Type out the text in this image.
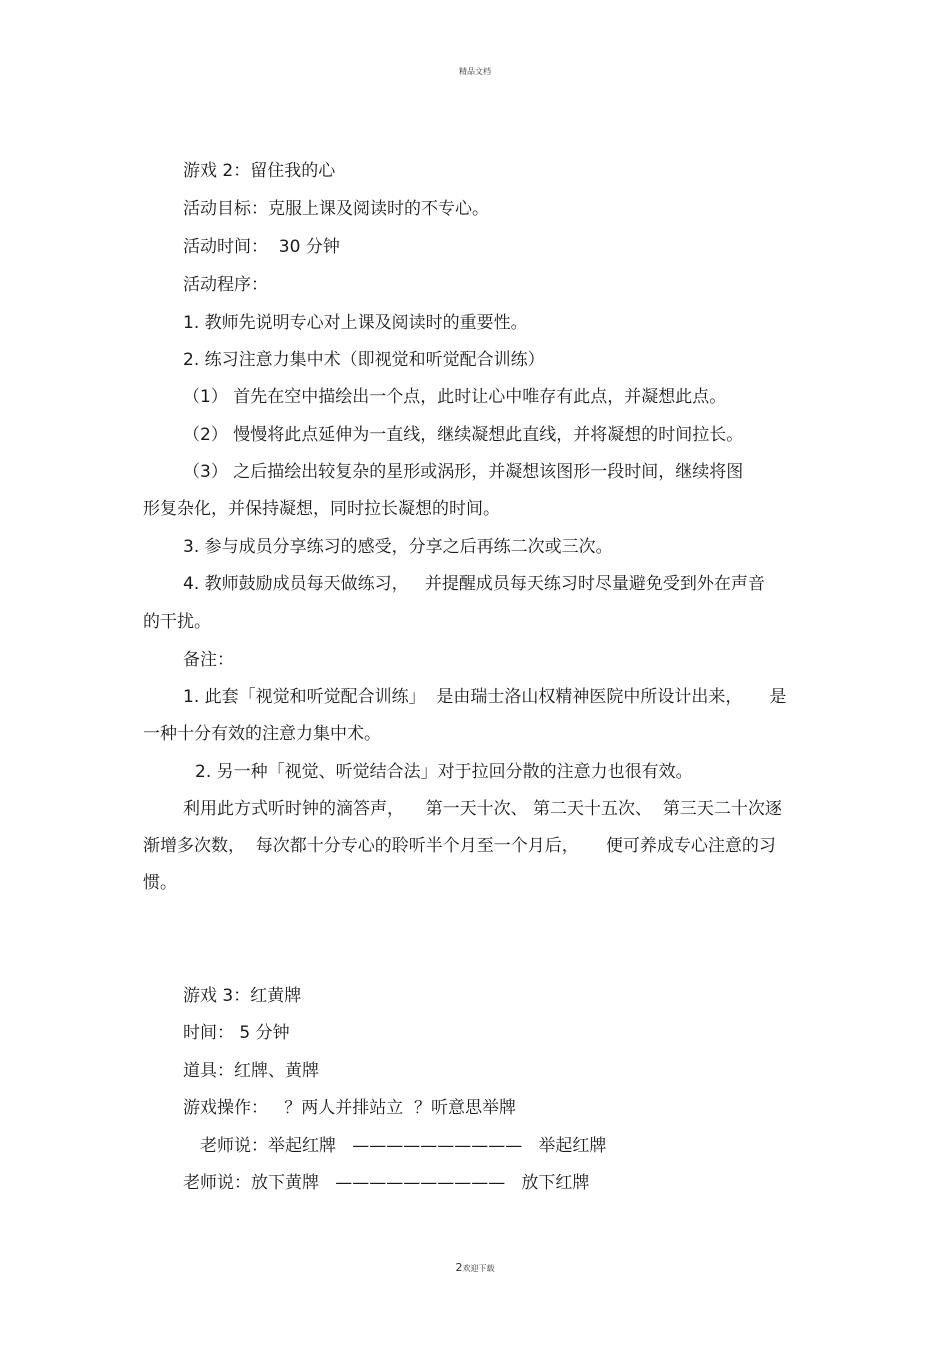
精品文档
游戏 2：留住我的心
活动目标：克服上课及阅读时的不专心。
活动时间：  30 分钟
活动程序：
1. 教师先说明专心对上课及阅读时的重要性。
2. 练习注意力集中术（即视觉和听觉配合训练）
（1） 首先在空中描绘出一个点，此时让心中唯存有此点，并凝想此点。
（2） 慢慢将此点延伸为一直线，继续凝想此直线，并将凝想的时间拉长。
（3） 之后描绘出较复杂的星形或涡形，并凝想该图形一段时间，继续将图
形复杂化，并保持凝想，同时拉长凝想的时间。
3. 参与成员分享练习的感受，分享之后再练二次或三次。
4. 教师鼓励成员每天做练习，   并提醒成员每天练习时尽量避免受到外在声音
的干扰。
备注：
1. 此套「视觉和听觉配合训练」  是由瑞士洛山权精神医院中所设计出来，     是
一种十分有效的注意力集中术。
2. 另一种「视觉、听觉结合法」对于拉回分散的注意力也很有效。
利用此方式听时钟的滴答声，    第一天十次、 第二天十五次、  第三天二十次逐
渐增多次数，  每次都十分专心的聆听半个月至一个月后，     便可养成专心注意的习
惯。
游戏 3：红黄牌
时间： 5 分钟
道具：红牌、黄牌
游戏操作：   ？两人并排站立  ？听意思举牌
老师说：举起红牌   ——————————   举起红牌
老师说：放下黄牌   ——————————   放下红牌
2欢迎下载
